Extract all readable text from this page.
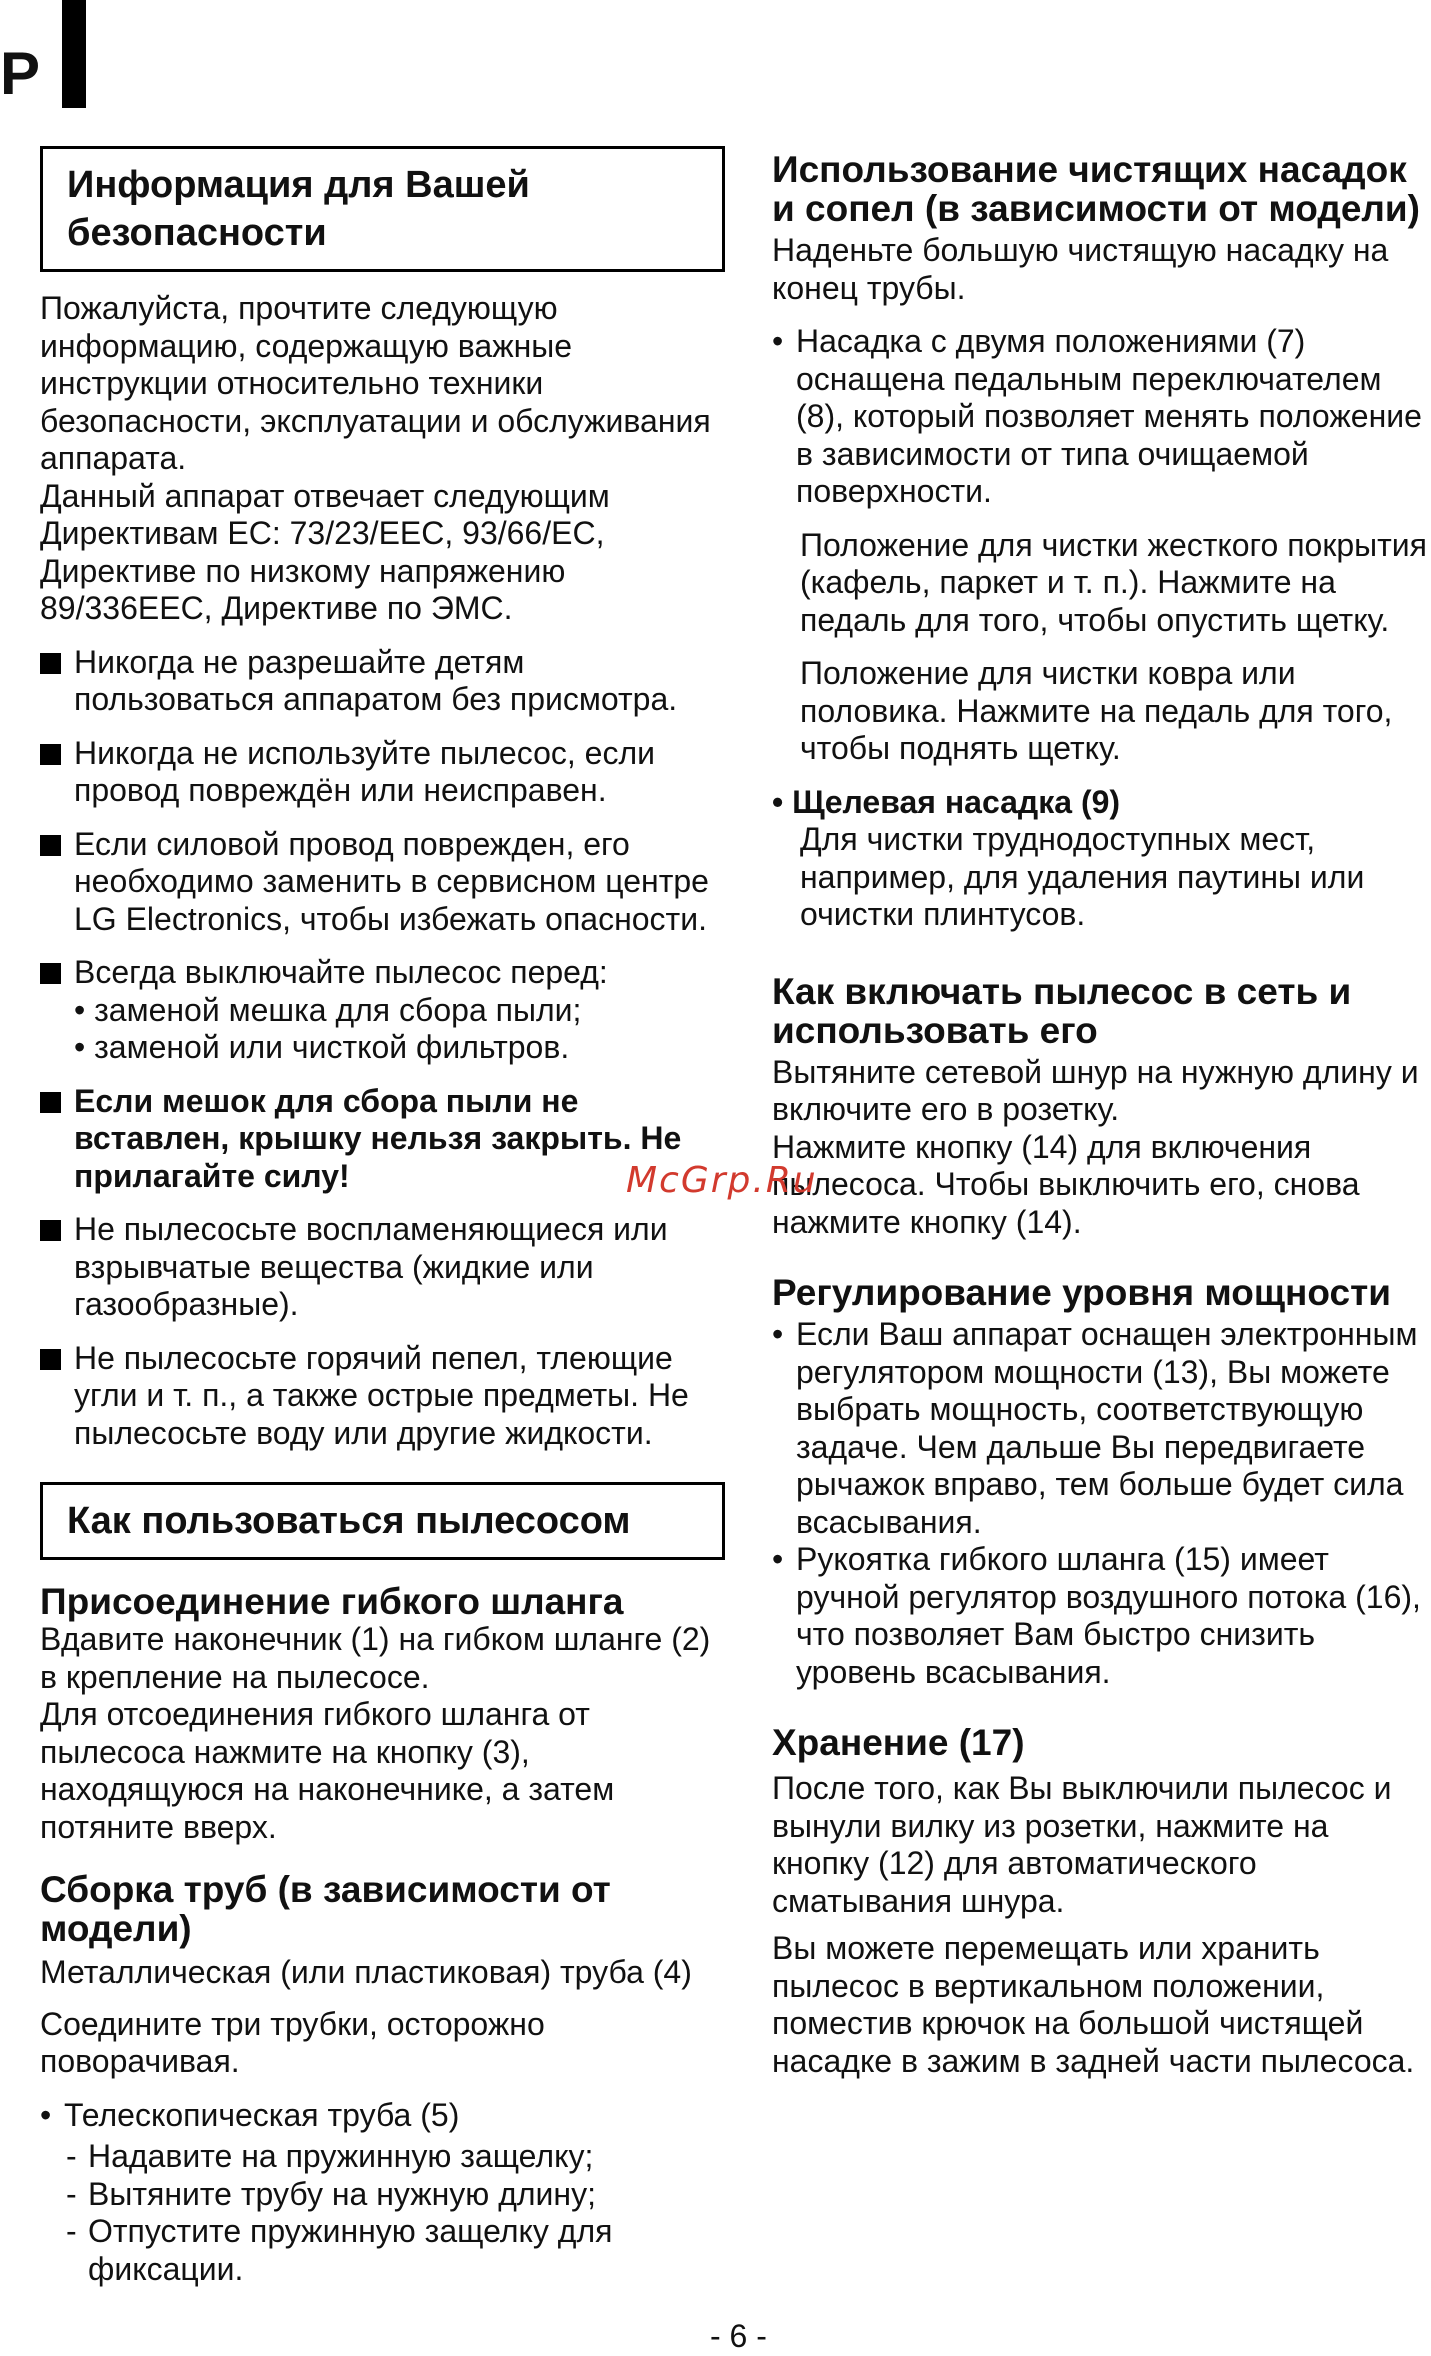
P
Информация для Вашей безопасности

Пожалуйста, прочтите следующую информацию, содержащую важные инструкции относительно техники безопасности, эксплуатации и обслуживания аппарата.

Данный аппарат отвечает следующим Директивам ЕС: 73/23/EEC, 93/66/EC, Директиве по низкому напряжению 89/336EEC, Директиве по ЭМС.

Никогда не разрешайте детям пользоваться аппаратом без присмотра.
Никогда не используйте пылесос, если провод повреждён или неисправен.
Если силовой провод поврежден, его необходимо заменить в сервисном центре LG Electronics, чтобы избежать опасности.
Всегда выключайте пылесос перед:
• заменой мешка для сбора пыли;
• заменой или чисткой фильтров.
Если мешок для сбора пыли не вставлен, крышку нельзя закрыть. Не прилагайте силу!
Не пылесосьте воспламеняющиеся или взрывчатые вещества (жидкие или газообразные).
Не пылесосьте горячий пепел, тлеющие угли и т. п., а также острые предметы. Не пылесосьте воду или другие жидкости.
Как пользоваться пылесосом

Присоединение гибкого шланга

Вдавите наконечник (1) на гибком шланге (2) в крепление на пылесосе.

Для отсоединения гибкого шланга от пылесоса нажмите на кнопку (3), находящуюся на наконечнике, а затем потяните вверх.

Сборка труб (в зависимости от модели)

Металлическая (или пластиковая) труба (4)

Соедините три трубки, осторожно поворачивая.

• Телескопическая труба (5)
- Надавите на пружинную защелку;
- Вытяните трубу на нужную длину;
- Отпустите пружинную защелку для фиксации.

Использование чистящих насадок и сопел (в зависимости от модели)

Наденьте большую чистящую насадку на конец трубы.

• Насадка с двумя положениями (7) оснащена педальным переключателем (8), который позволяет менять положение в зависимости от типа очищаемой поверхности.

Положение для чистки жесткого покрытия (кафель, паркет и т. п.). Нажмите на педаль для того, чтобы опустить щетку.

Положение для чистки ковра или половика. Нажмите на педаль для того, чтобы поднять щетку.

• Щелевая насадка (9)

Для чистки труднодоступных мест, например, для удаления паутины или очистки плинтусов.

Как включать пылесос в сеть и использовать его

Вытяните сетевой шнур на нужную длину и включите его в розетку.

Нажмите кнопку (14) для включения пылесоса. Чтобы выключить его, снова нажмите кнопку (14).

Регулирование уровня мощности

• Если Ваш аппарат оснащен электронным регулятором мощности (13), Вы можете выбрать мощность, соответствующую задаче. Чем дальше Вы передвигаете рычажок вправо, тем больше будет сила всасывания.
• Рукоятка гибкого шланга (15) имеет ручной регулятор воздушного потока (16), что позволяет Вам быстро снизить уровень всасывания.

Хранение (17)

После того, как Вы выключили пылесос и вынули вилку из розетки, нажмите на кнопку (12) для автоматического сматывания шнура.

Вы можете перемещать или хранить пылесос в вертикальном положении, поместив крючок на большой чистящей насадке в зажим в задней части пылесоса.

McGrp.Ru
- 6 -
